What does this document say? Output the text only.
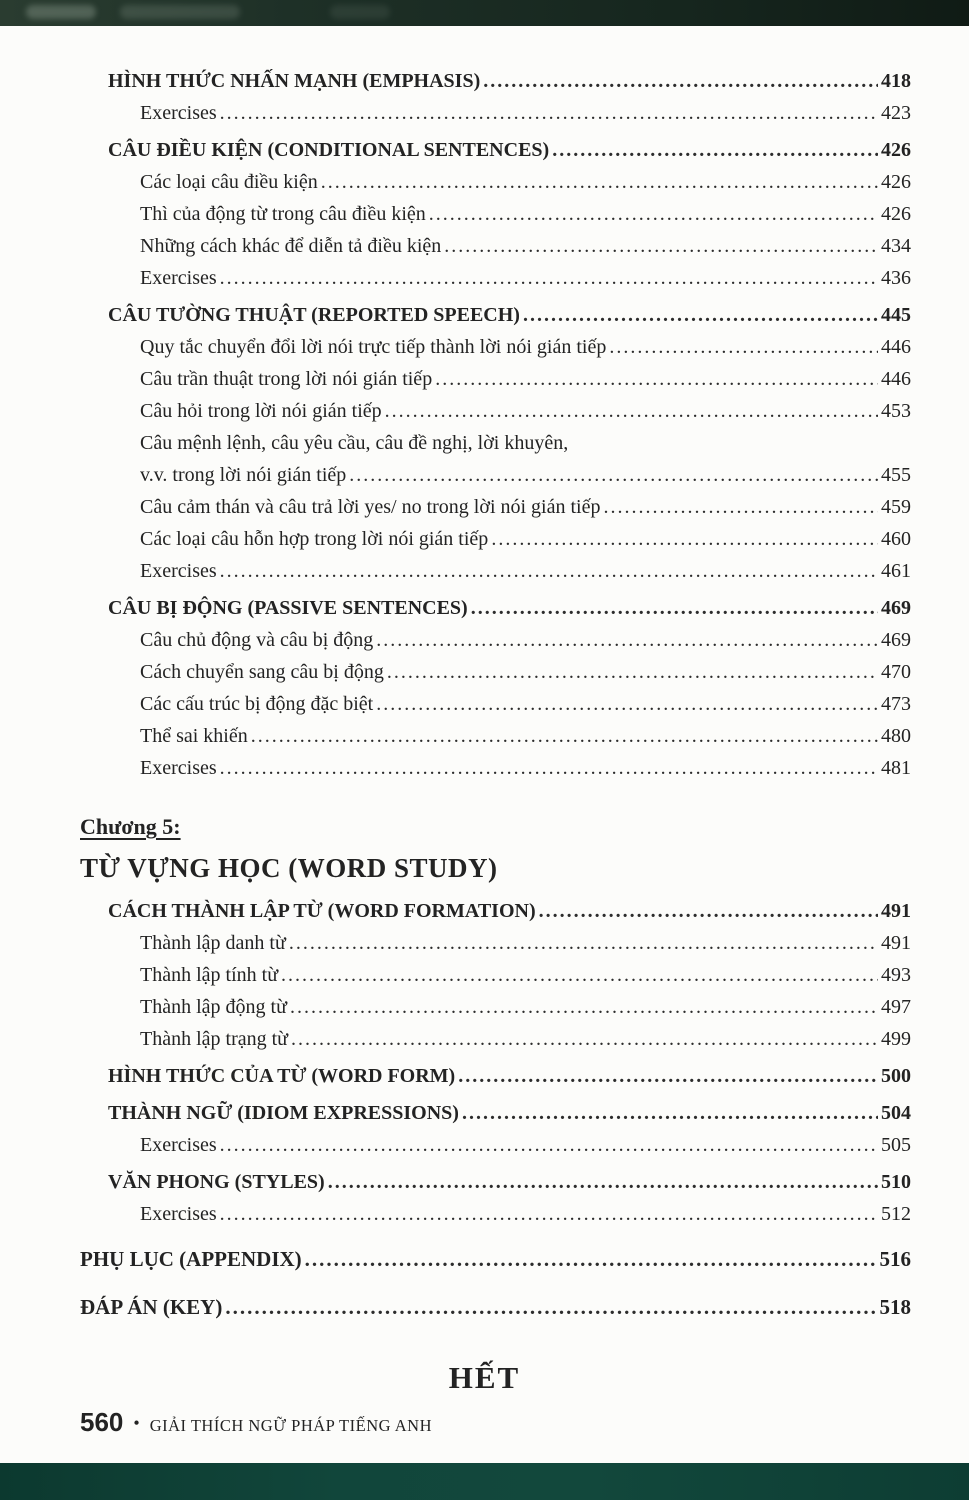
HÌNH THỨC NHẤN MẠNH (EMPHASIS) .....	418
Exercises .....	423
CÂU ĐIỀU KIỆN (CONDITIONAL SENTENCES) .....	426
Các loại câu điều kiện .....	426
Thì của động từ trong câu điều kiện .....	426
Những cách khác để diễn tả điều kiện .....	434
Exercises .....	436
CÂU TƯỜNG THUẬT (REPORTED SPEECH) .....	445
Quy tắc chuyển đổi lời nói trực tiếp thành lời nói gián tiếp .....	446
Câu trần thuật trong lời nói gián tiếp .....	446
Câu hỏi trong lời nói gián tiếp .....	453
Câu mệnh lệnh, câu yêu cầu, câu đề nghị, lời khuyên,
v.v. trong lời nói gián tiếp .....	455
Câu cảm thán và câu trả lời yes/ no trong lời nói gián tiếp .....	459
Các loại câu hỗn hợp trong lời nói gián tiếp .....	460
Exercises .....	461
CÂU BỊ ĐỘNG (PASSIVE SENTENCES) .....	469
Câu chủ động và câu bị động .....	469
Cách chuyển sang câu bị động .....	470
Các cấu trúc bị động đặc biệt .....	473
Thể sai khiến .....	480
Exercises .....	481
Chương 5:
TỪ VỰNG HỌC (WORD STUDY)
CÁCH THÀNH LẬP TỪ (WORD FORMATION) .....	491
Thành lập danh từ .....	491
Thành lập tính từ .....	493
Thành lập động từ .....	497
Thành lập trạng từ .....	499
HÌNH THỨC CỦA TỪ (WORD FORM) .....	500
THÀNH NGỮ (IDIOM EXPRESSIONS) .....	504
Exercises .....	505
VĂN PHONG (STYLES) .....	510
Exercises .....	512
PHỤ LỤC (APPENDIX) .....	516
ĐÁP ÁN (KEY) .....	518
HẾT
560 • GIẢI THÍCH NGỮ PHÁP TIẾNG ANH
